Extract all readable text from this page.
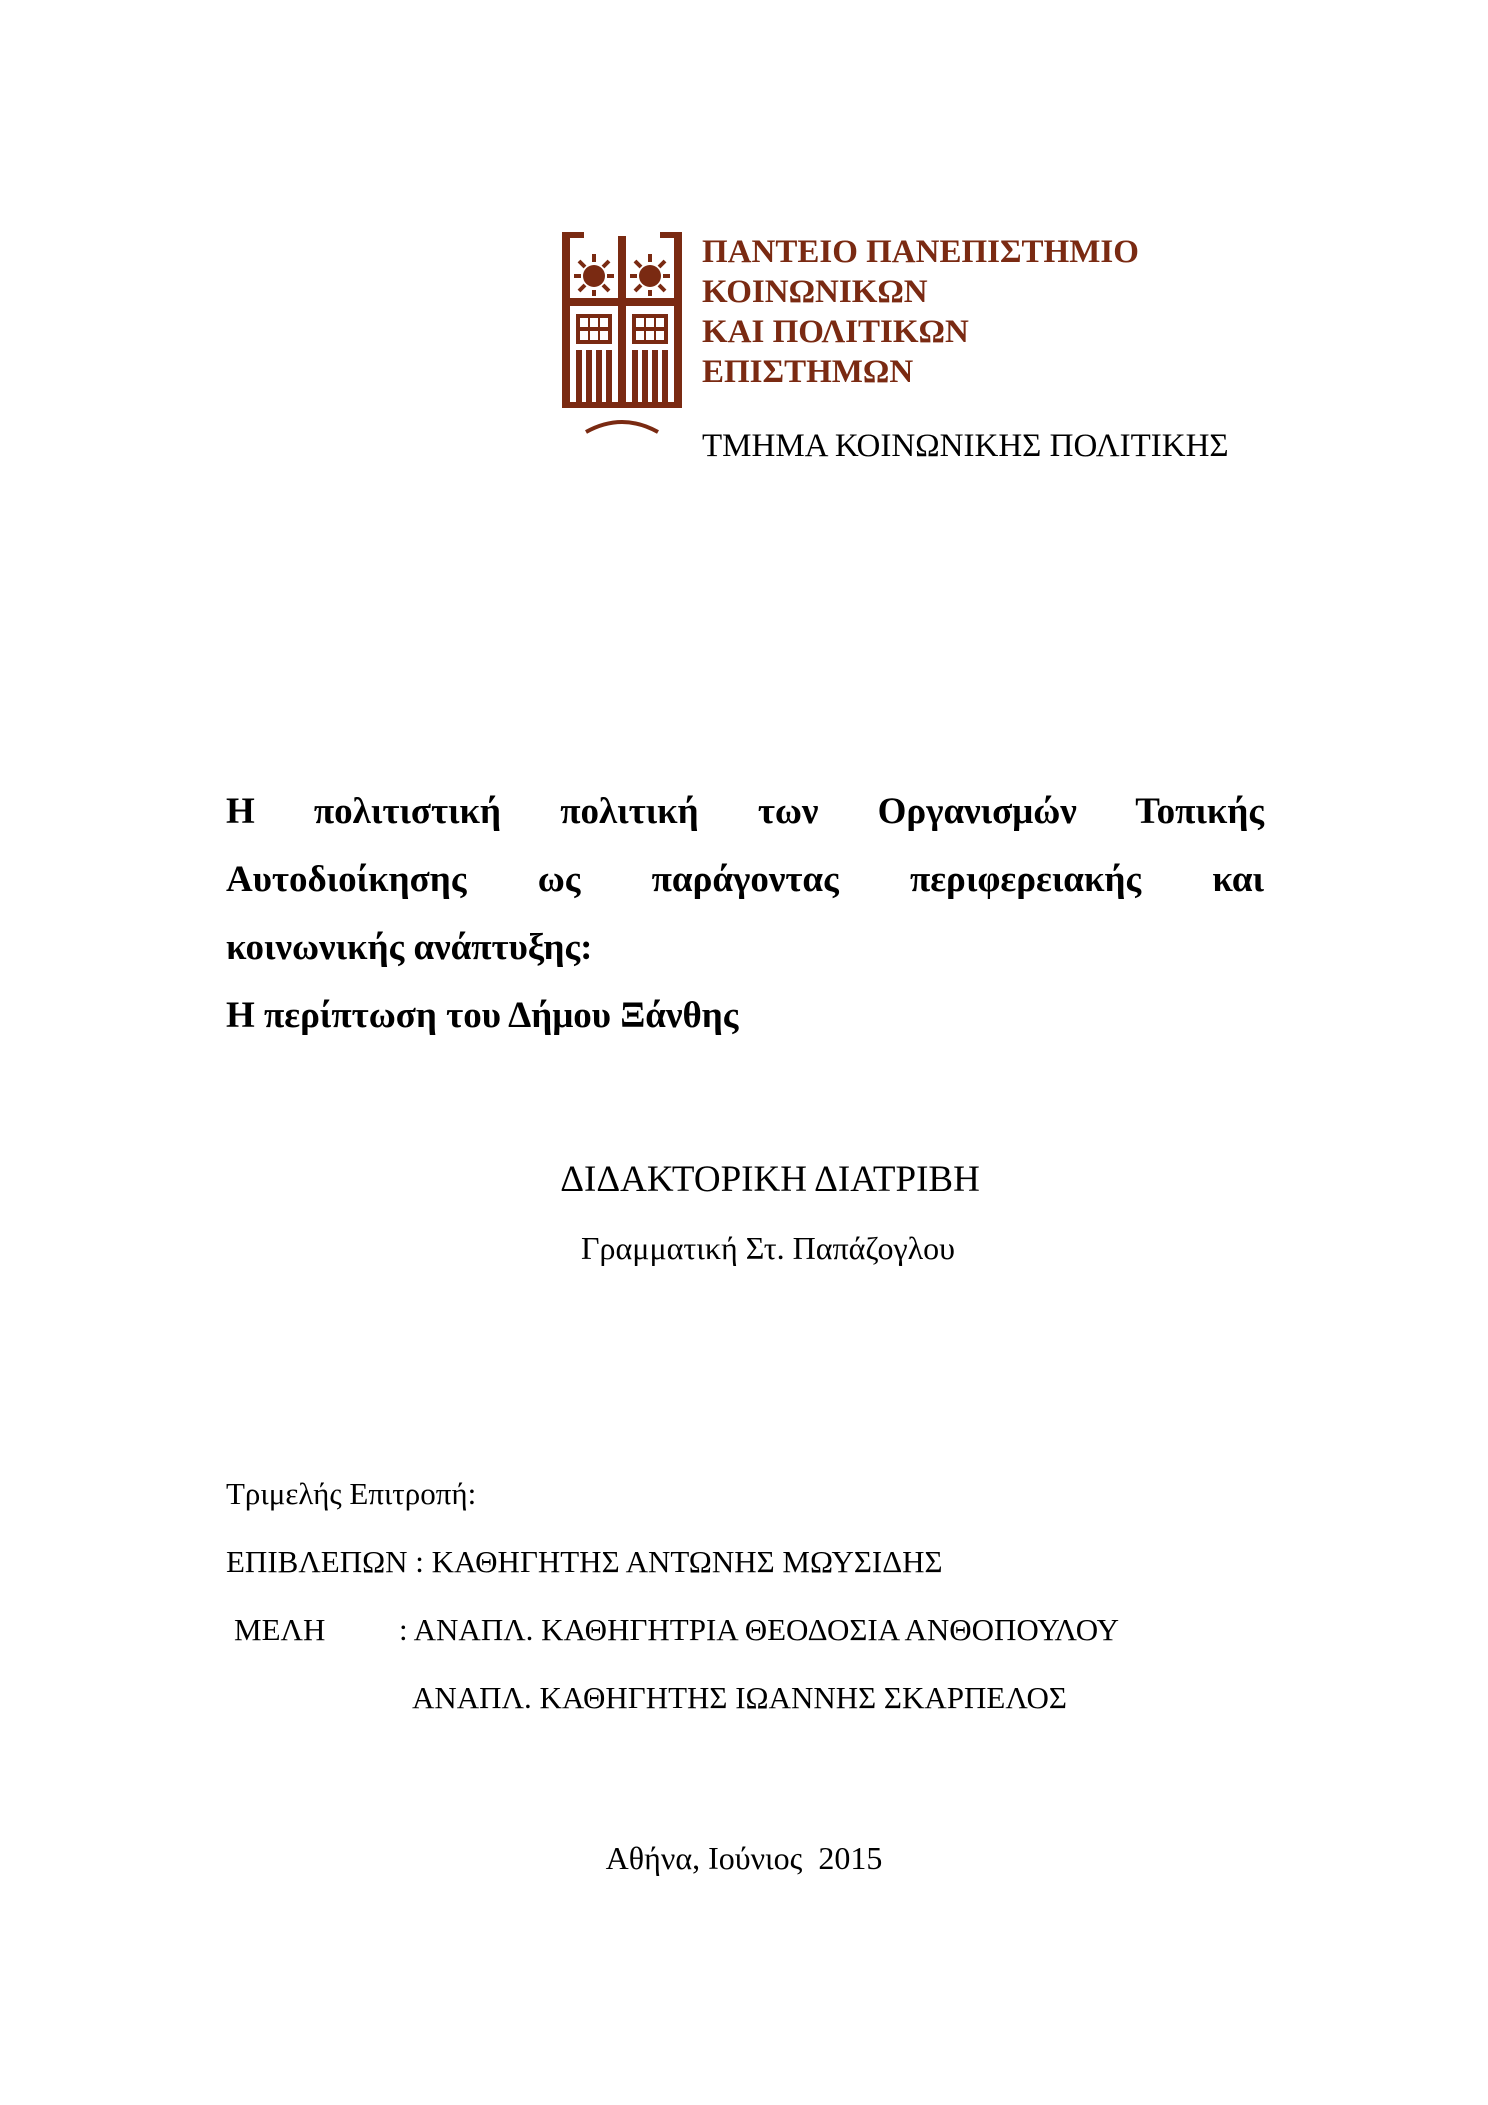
ΠΑΝΤΕΙΟ ΠΑΝΕΠΙΣΤΗΜΙΟ
ΚΟΙΝΩΝΙΚΩΝ
ΚΑΙ ΠΟΛΙΤΙΚΩΝ
ΕΠΙΣΤΗΜΩΝ
ΤΜΗΜΑ ΚΟΙΝΩΝΙΚΗΣ ΠΟΛΙΤΙΚΗΣ
Η πολιτιστική πολιτική των Οργανισμών Τοπικής
Αυτοδιοίκησης ως παράγοντας περιφερειακής και
κοινωνικής ανάπτυξης:
Η περίπτωση του Δήμου Ξάνθης
ΔΙΔΑΚΤΟΡΙΚΗ ΔΙΑΤΡΙΒΗ
Γραμματική Στ. Παπάζογλου
Τριμελής Επιτροπή:
ΕΠΙΒΛΕΠΩΝ : ΚΑΘΗΓΗΤΗΣ ΑΝΤΩΝΗΣ ΜΩΥΣΙΔΗΣ
ΜΕΛΗ : ΑΝΑΠΛ. ΚΑΘΗΓΗΤΡΙΑ ΘΕΟΔΟΣΙΑ ΑΝΘΟΠΟΥΛΟΥ
ΑΝΑΠΛ. ΚΑΘΗΓΗΤΗΣ ΙΩΑΝΝΗΣ ΣΚΑΡΠΕΛΟΣ
Αθήνα, Ιούνιος  2015
